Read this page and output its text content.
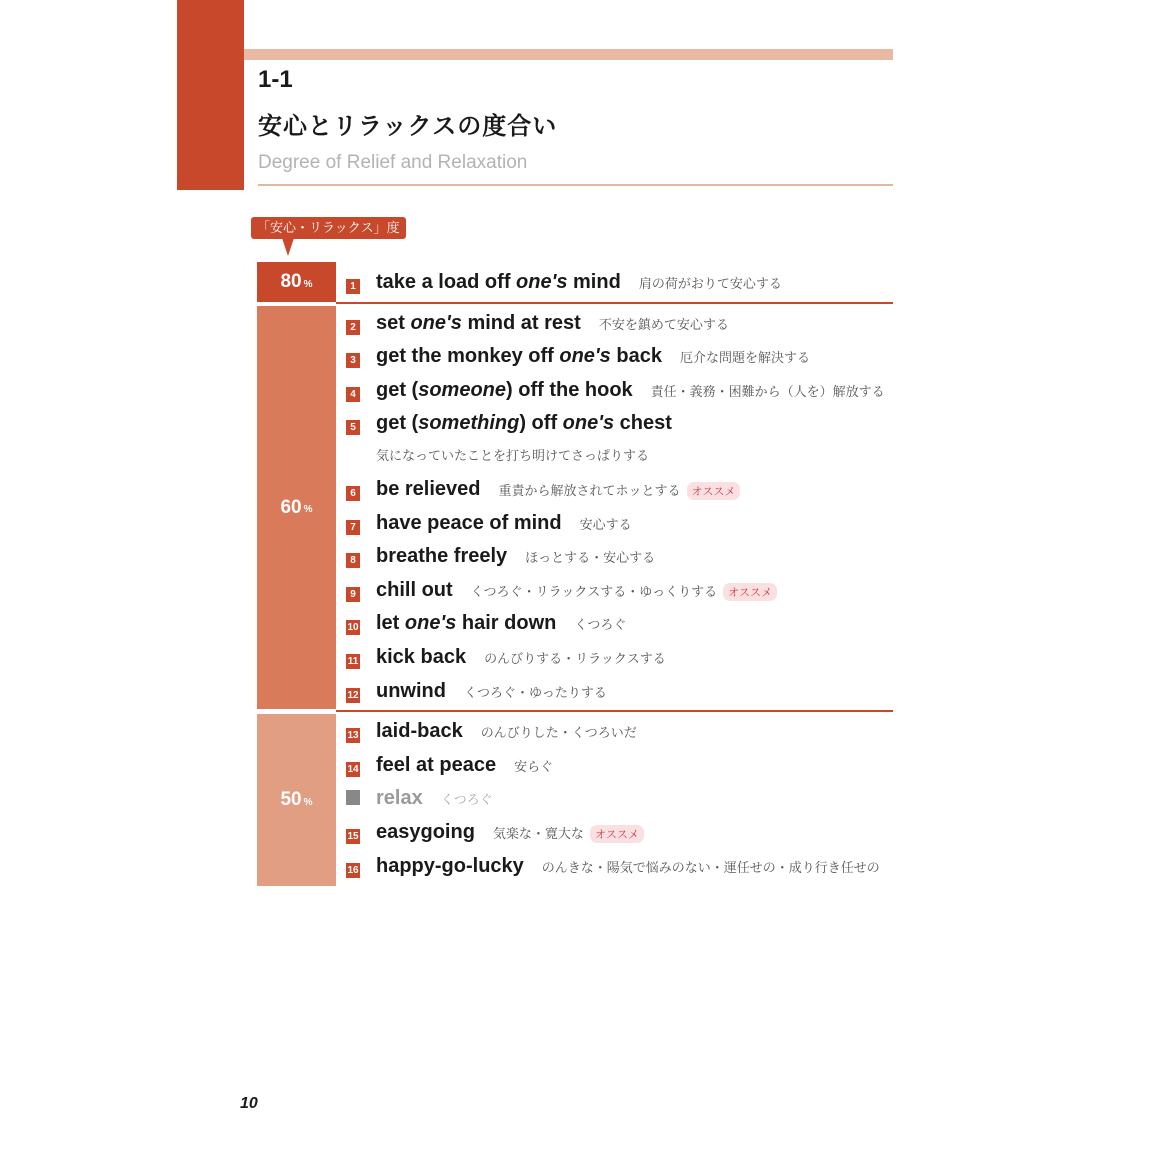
1-1
安心とリラックスの度合い
Degree of Relief and Relaxation
「安心・リラックス」度
80 %
60 %
50 %
1 take a load off one's mind 肩の荷がおりて安心する
2 set one's mind at rest 不安を鎮めて安心する
3 get the monkey off one's back 厄介な問題を解決する
4 get (someone) off the hook 責任・義務・困難から（人を）解放する
5 get (something) off one's chest
気になっていたことを打ち明けてさっぱりする
6 be relieved 重責から解放されてホッとする	オススメ
7 have peace of mind 安心する
8 breathe freely ほっとする・安心する
9 chill out くつろぐ・リラックスする・ゆっくりする	オススメ
10 let one's hair down くつろぐ
11 kick back のんびりする・リラックスする
12 unwind くつろぐ・ゆったりする
13 laid-back のんびりした・くつろいだ
14 feel at peace 安らぐ
relax くつろぐ
15 easygoing 気楽な・寛大な	オススメ
16 happy-go-lucky のんきな・陽気で悩みのない・運任せの・成り行き任せの
10
